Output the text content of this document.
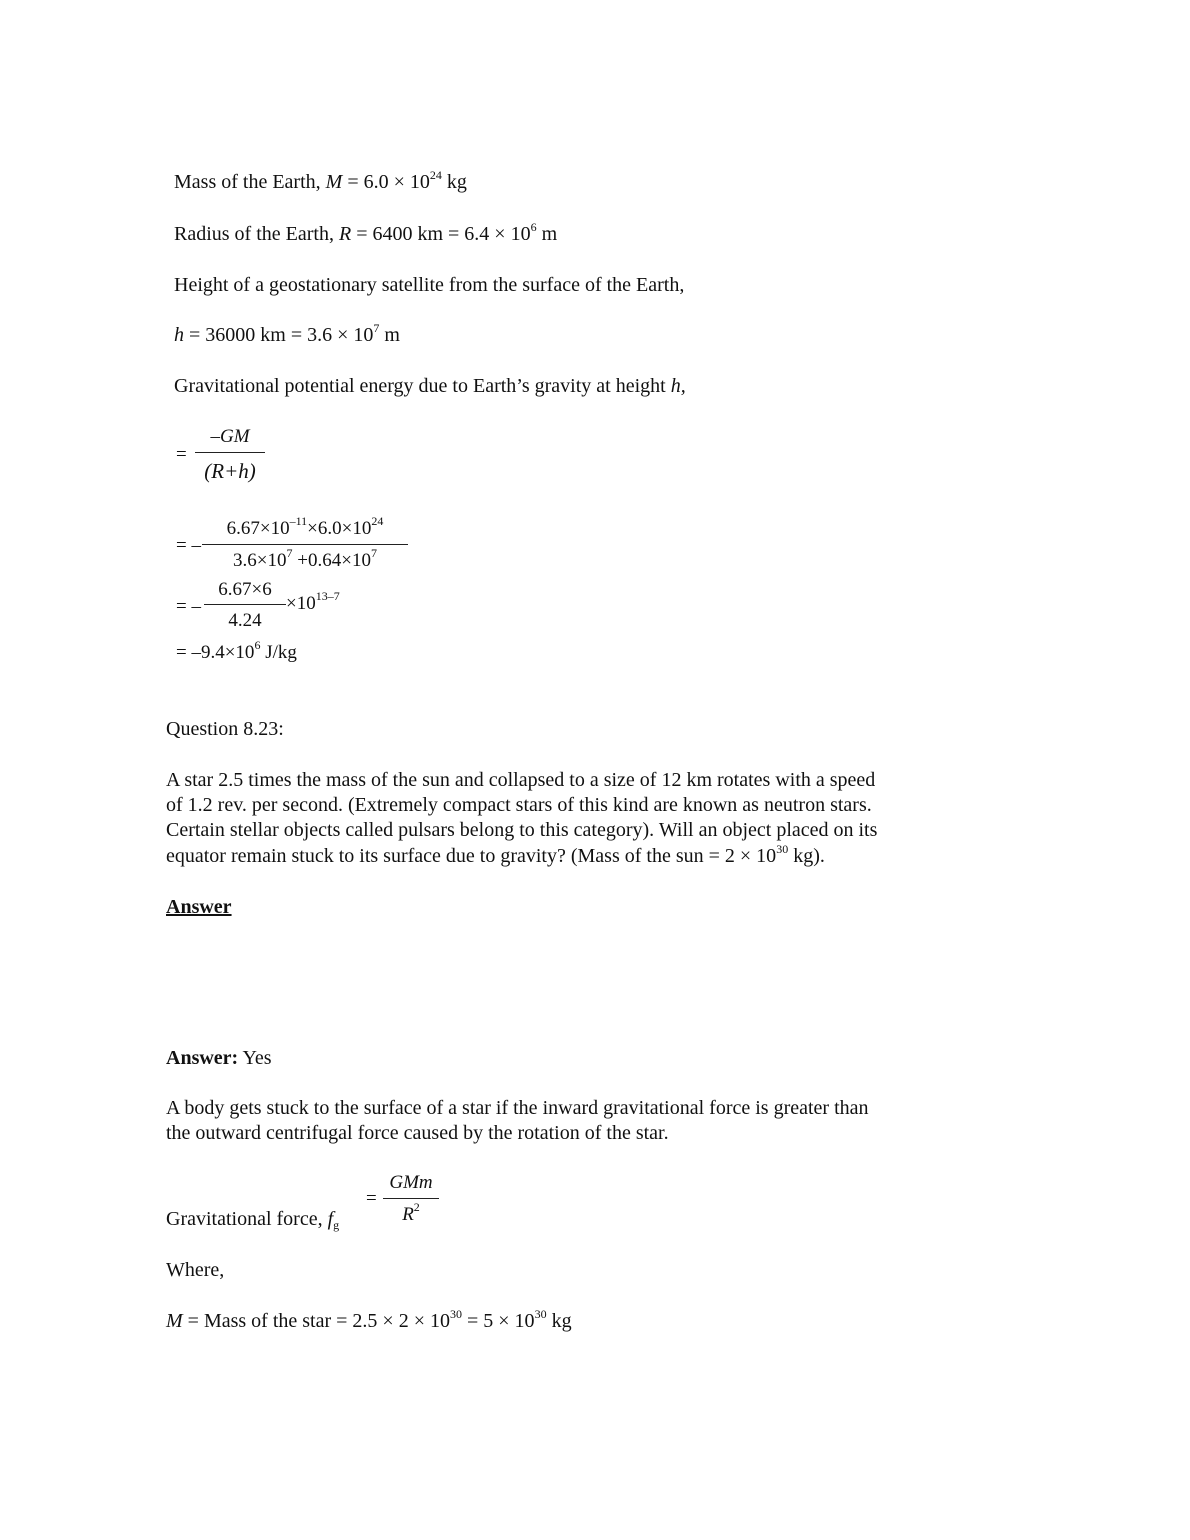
Mass of the Earth, $M = 6.0 \times 10^{24}$ kg
Radius of the Earth, R = 6400 km = $6.4 \times 10^6$ m
Height of a geostationary satellite from the surface of the Earth,
h = 36000 km = $3.6 \times 10^7$ m
Gravitational potential energy due to Earth’s gravity at height h,
=
–GM
(R+h)
= –
$6.67\times 10^{-11}\times 6.0\times 10^{24}$
$3.6\times 10^7 +0.64\times 10^7$
= –
6.67×6
4.24
$\times 10^{13-7}$
= $-9.4\times 10^6$ J/kg
Question 8.23:
A star 2.5 times the mass of the sun and collapsed to a size of 12 km rotates with a speed
of 1.2 rev. per second. (Extremely compact stars of this kind are known as neutron stars.
Certain stellar objects called pulsars belong to this category). Will an object placed on its
equator remain stuck to its surface due to gravity? (Mass of the sun = $2 \times 10^{30}$ kg).
Answer
Answer: Yes
A body gets stuck to the surface of a star if the inward gravitational force is greater than
the outward centrifugal force caused by the rotation of the star.
Gravitational force, $f_g$
=
GMm
$R^2$
Where,
M = Mass of the star = $2.5 \times 2 \times 10^{30} = 5 \times 10^{30}$ kg
